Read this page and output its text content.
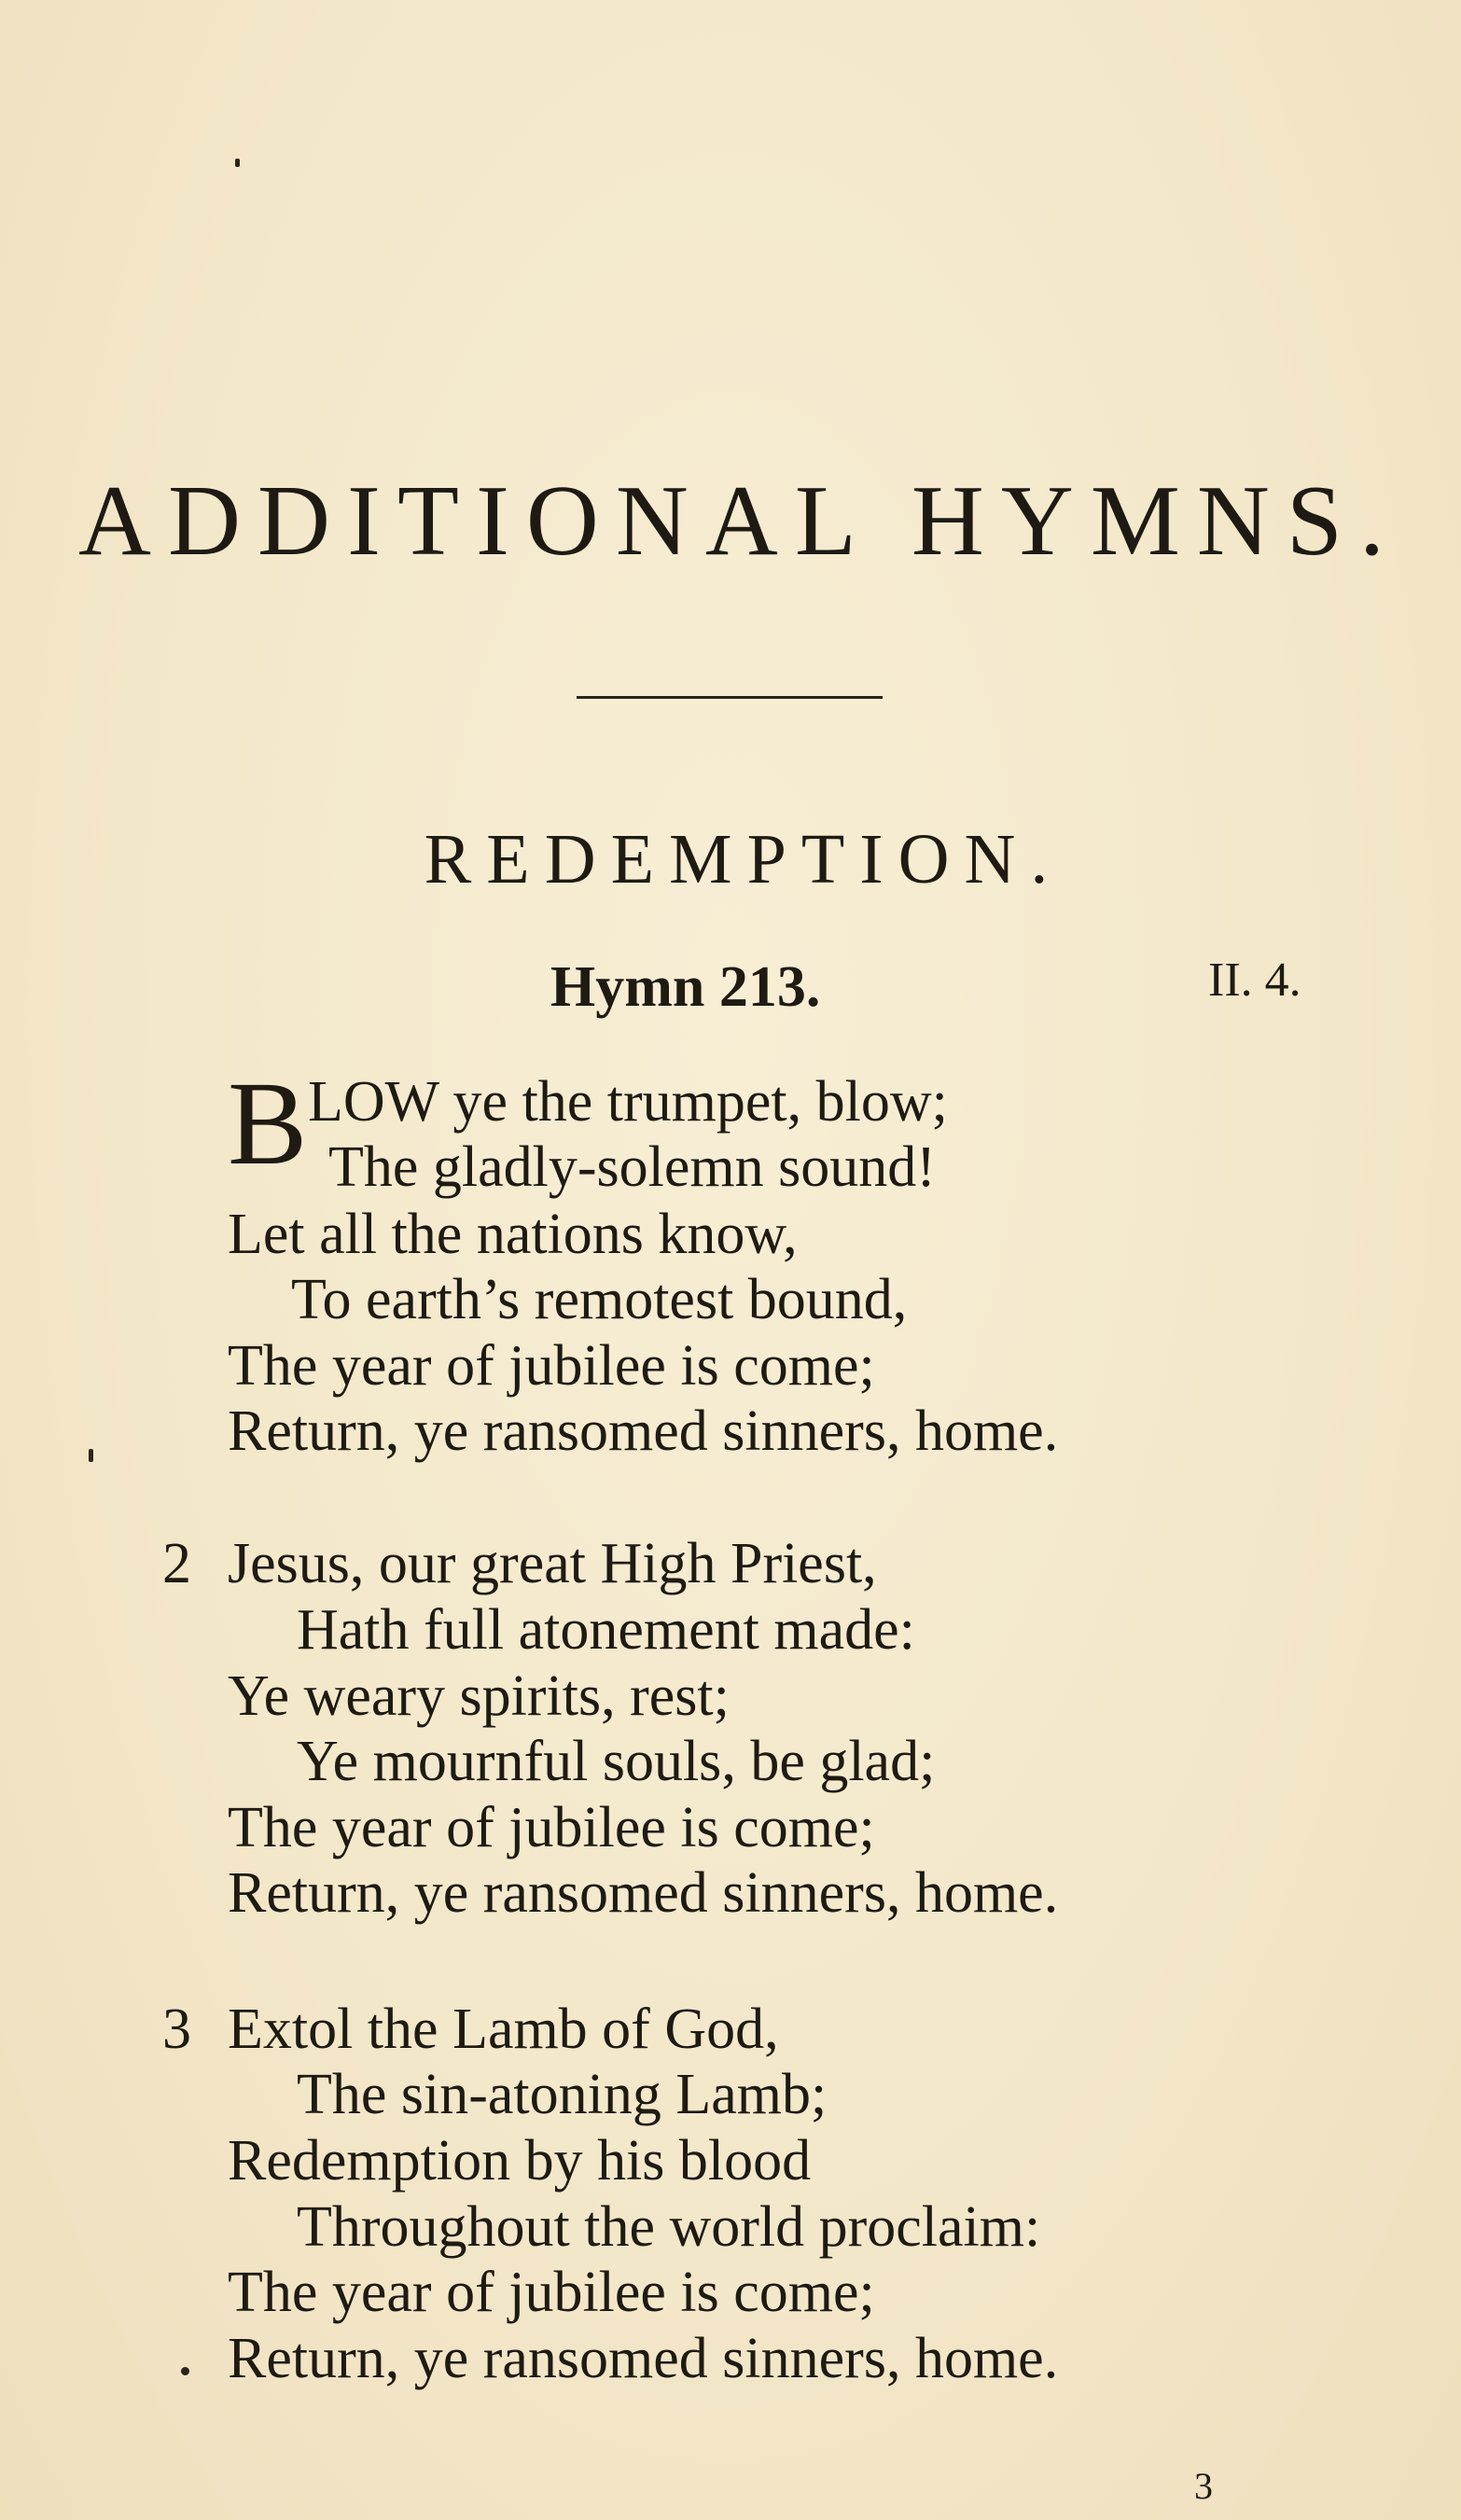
ADDITIONAL HYMNS.
REDEMPTION.
Hymn 213.	II. 4.
B LOW ye the trumpet, blow;
The gladly-solemn sound!
Let all the nations know,
To earth’s remotest bound,
The year of jubilee is come;
Return, ye ransomed sinners, home.
2 Jesus, our great High Priest,
Hath full atonement made:
Ye weary spirits, rest;
Ye mournful souls, be glad;
The year of jubilee is come;
Return, ye ransomed sinners, home.
3 Extol the Lamb of God,
The sin-atoning Lamb;
Redemption by his blood
Throughout the world proclaim:
The year of jubilee is come;
Return, ye ransomed sinners, home.
3
